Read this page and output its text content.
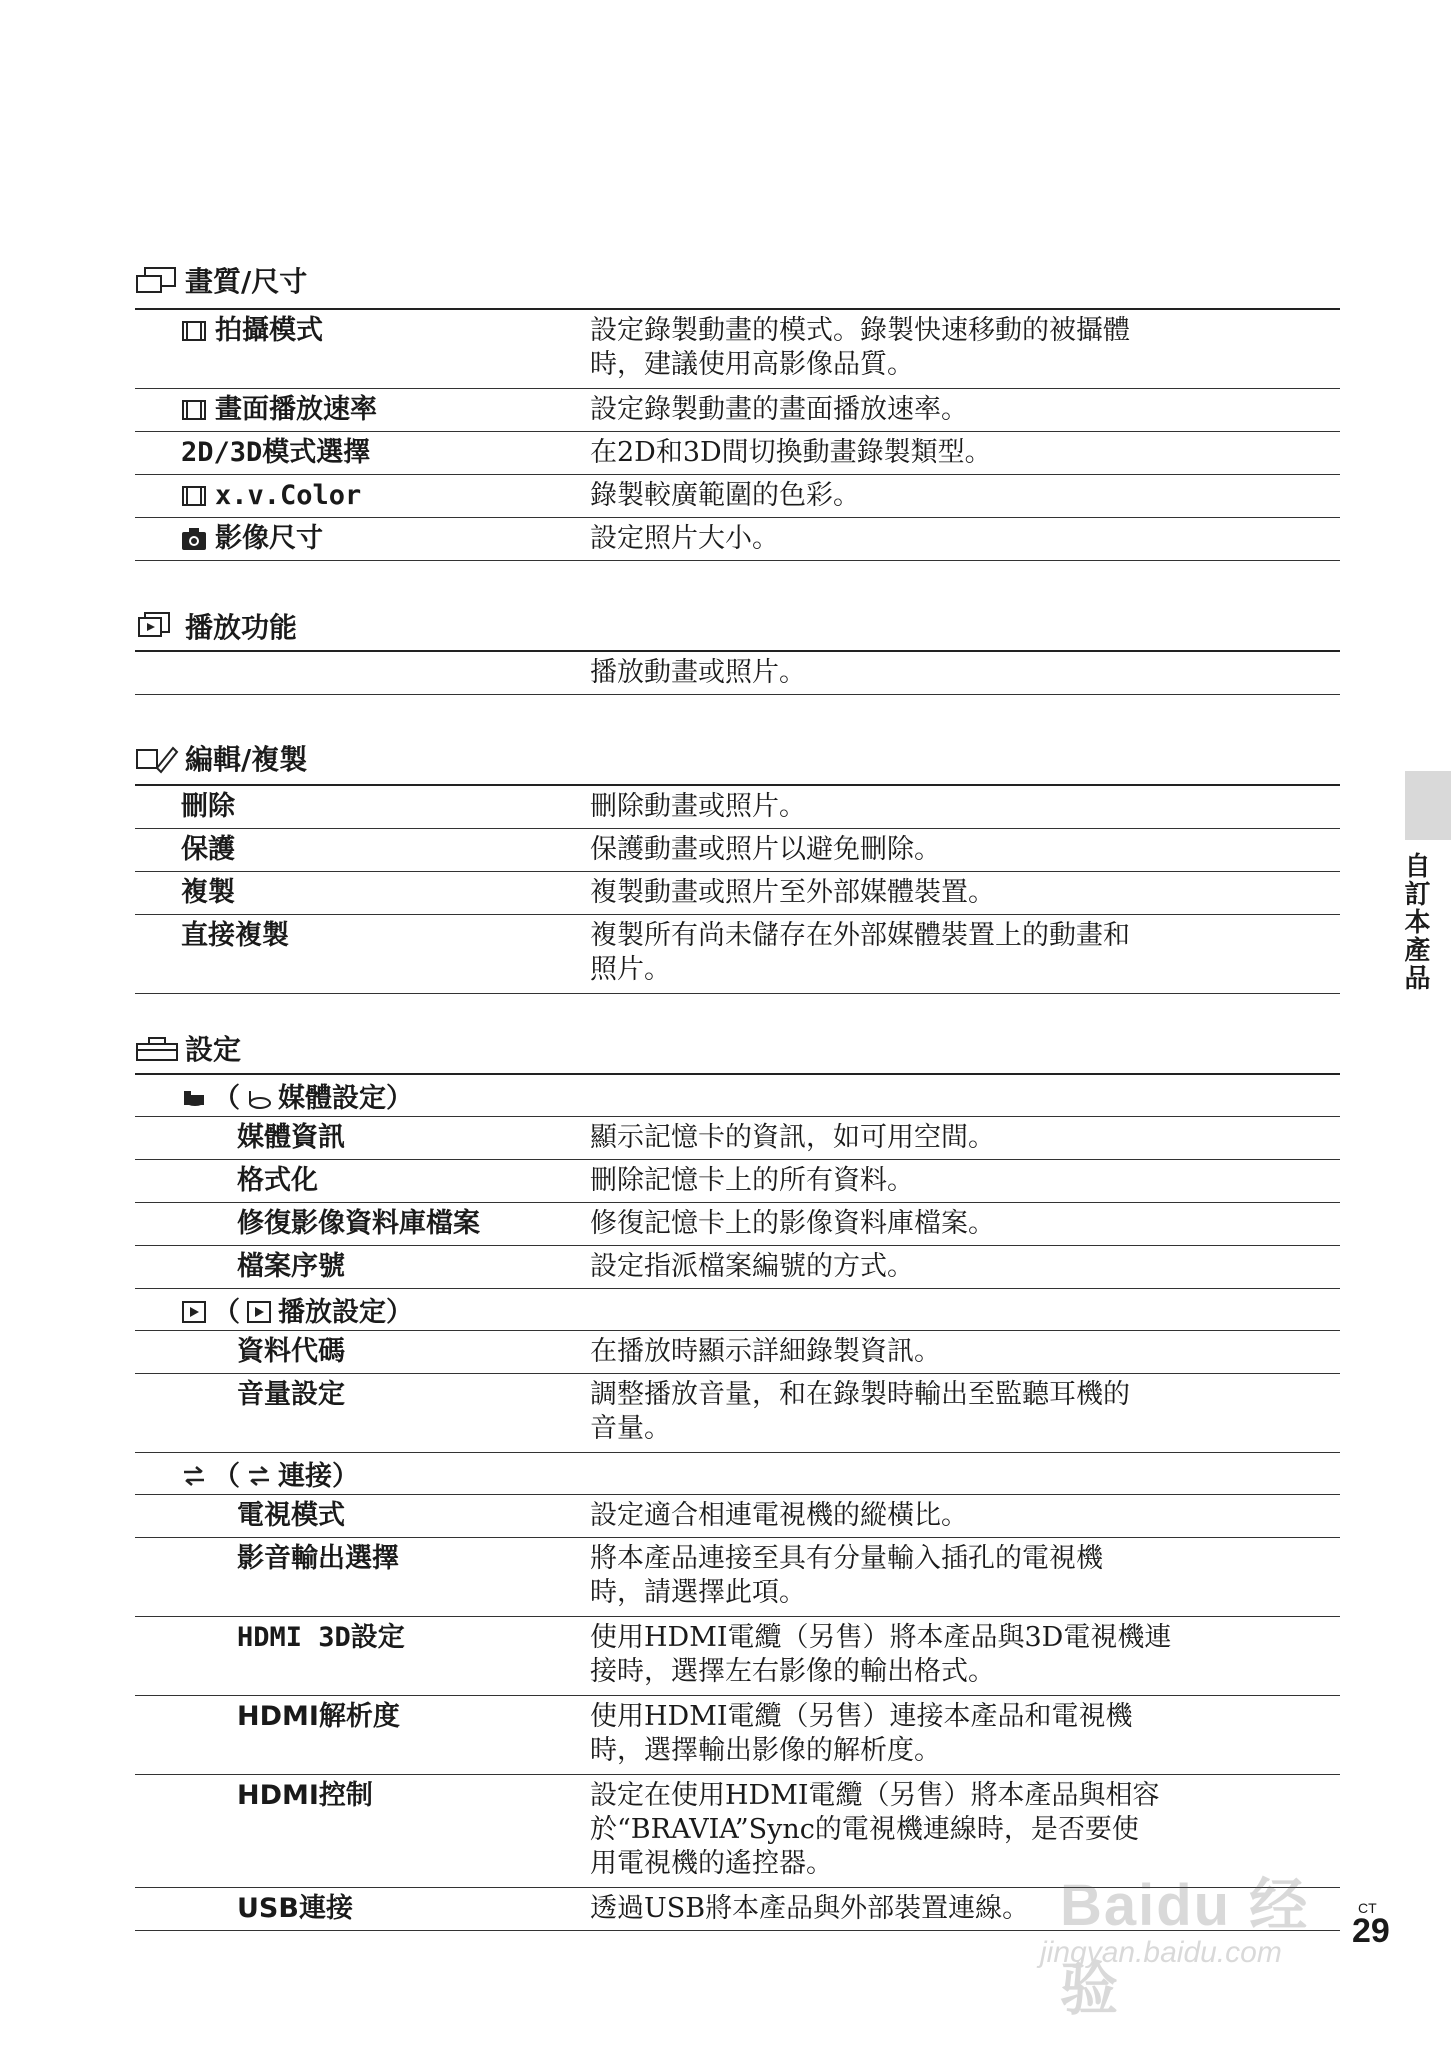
畫質/尺寸
拍攝模式	設定錄製動畫的模式。錄製快速移動的被攝體
時，建議使用高影像品質。
畫面播放速率	設定錄製動畫的畫面播放速率。
2D/3D模式選擇	在2D和3D間切換動畫錄製類型。
x.v.Color	錄製較廣範圍的色彩。
影像尺寸	設定照片大小。
播放功能
播放動畫或照片。
編輯/複製
刪除	刪除動畫或照片。
保護	保護動畫或照片以避免刪除。
複製	複製動畫或照片至外部媒體裝置。
直接複製	複製所有尚未儲存在外部媒體裝置上的動畫和
照片。
設定
（ 媒體設定）
媒體資訊	顯示記憶卡的資訊，如可用空間。
格式化	刪除記憶卡上的所有資料。
修復影像資料庫檔案	修復記憶卡上的影像資料庫檔案。
檔案序號	設定指派檔案編號的方式。
（ 播放設定）
資料代碼	在播放時顯示詳細錄製資訊。
音量設定	調整播放音量，和在錄製時輸出至監聽耳機的
音量。
（ 連接）
電視模式	設定適合相連電視機的縱橫比。
影音輸出選擇	將本產品連接至具有分量輸入插孔的電視機
時，請選擇此項。
HDMI 3D設定	使用HDMI電纜（另售）將本產品與3D電視機連
接時，選擇左右影像的輸出格式。
HDMI解析度	使用HDMI電纜（另售）連接本產品和電視機
時，選擇輸出影像的解析度。
HDMI控制	設定在使用HDMI電纜（另售）將本產品與相容
於“BRAVIA”Sync的電視機連線時，是否要使
用電視機的遙控器。
USB連接	透過USB將本產品與外部裝置連線。
自訂本產品
Baidu 经验
jingyan.baidu.com
CT
29
